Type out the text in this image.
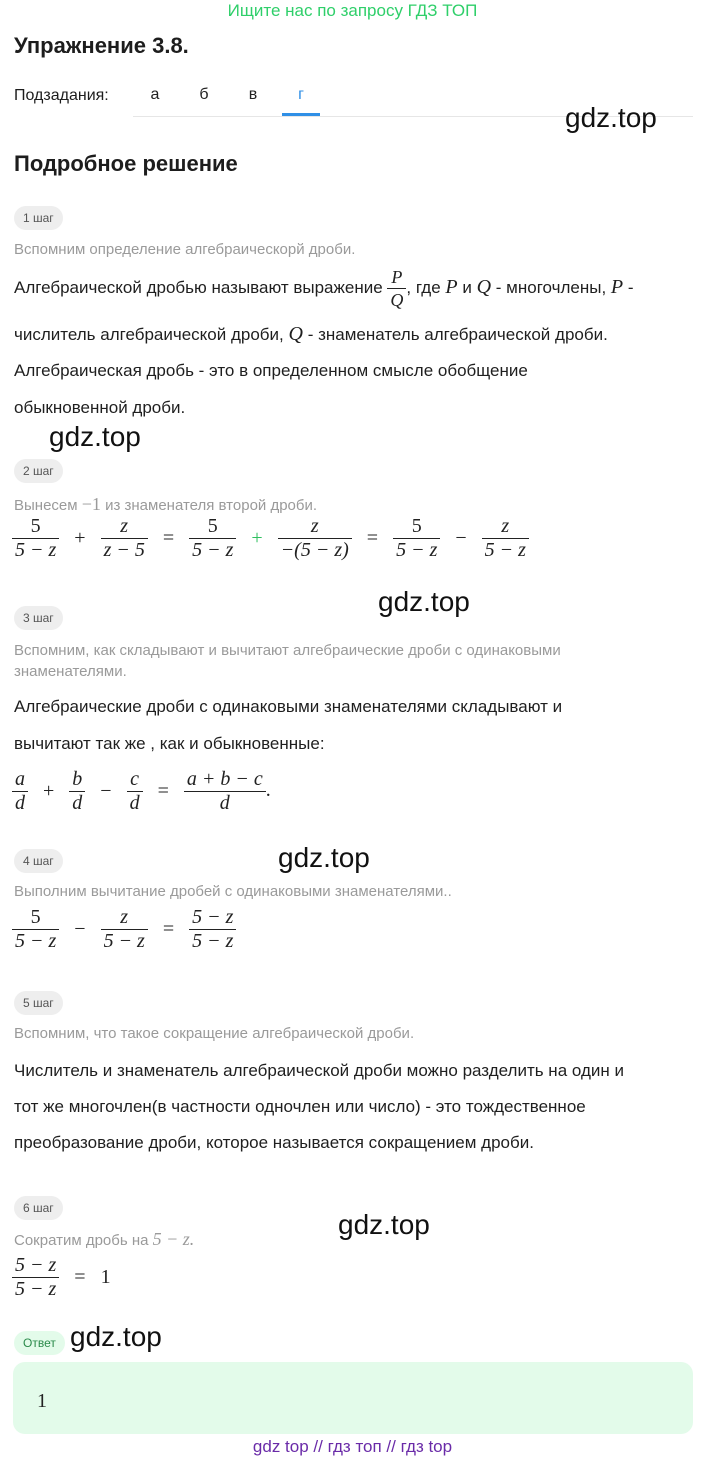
Ищите нас по запросу ГДЗ ТОП
Упражнение 3.8.
Подзадания:	а	б	в	г
gdz.top
Подробное решение
1 шаг
Вспомним определение алгебраическорй дроби.
Алгебраической дробью называют выражение $\frac{P}{Q}$ , где P и Q - многочлены, P -
числитель алгебраической дроби, Q - знаменатель алгебраической дроби.
Алгебраическая дробь - это в определенном смысле обобщение
обыкновенной дроби.
gdz.top
2 шаг
Вынесем −1 из знаменателя второй дроби.
$\frac{5}{5 - z} + \frac{z}{z - 5} = \frac{5}{5 - z} + \frac{z}{-(5 - z)} = \frac{5}{5 - z} - \frac{z}{5 - z}$
gdz.top
3 шаг
Вспомним, как складывают и вычитают алгебраические дроби с одинаковыми знаменателями.
Алгебраические дроби с одинаковыми знаменателями складывают и
вычитают так же , как и обыкновенные:
$\frac{a}{d} + \frac{b}{d} - \frac{c}{d} = \frac{a + b - c}{d}$ .
gdz.top
4 шаг
Выполним вычитание дробей с одинаковыми знаменателями..
$\frac{5}{5 - z} - \frac{z}{5 - z} = \frac{5 - z}{5 - z}$
5 шаг
Вспомним, что такое сокращение алгебраической дроби.
Числитель и знаменатель алгебраической дроби можно разделить на один и
тот же многочлен(в частности одночлен или число) - это тождественное
преобразование дроби, которое называется сокращением дроби.
6 шаг
gdz.top
Сократим дробь на 5 − z.
$\frac{5 - z}{5 - z} = 1$
Ответ gdz.top
1
gdz top // гдз топ // гдз top
